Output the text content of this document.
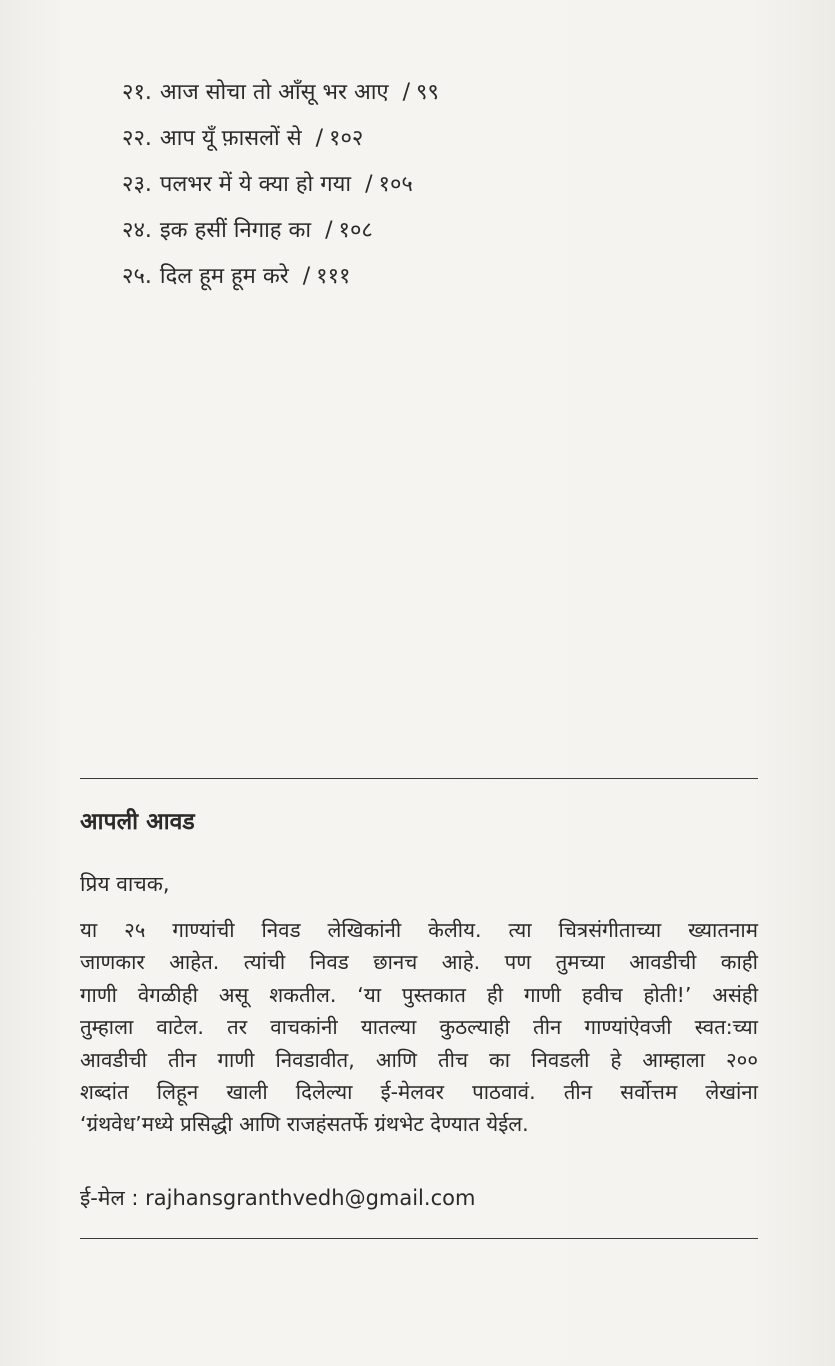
२१. आज सोचा तो आँसू भर आए / ९९
२२. आप यूँ फ़ासलों से / १०२
२३. पलभर में ये क्या हो गया / १०५
२४. इक हसीं निगाह का / १०८
२५. दिल हूम हूम करे / १११
आपली आवड
प्रिय वाचक,
या २५ गाण्यांची निवड लेखिकांनी केलीय. त्या चित्रसंगीताच्या ख्यातनाम
जाणकार आहेत. त्यांची निवड छानच आहे. पण तुमच्या आवडीची काही
गाणी वेगळीही असू शकतील. ‘या पुस्तकात ही गाणी हवीच होती!’ असंही
तुम्हाला वाटेल. तर वाचकांनी यातल्या कुठल्याही तीन गाण्यांऐवजी स्वत:च्या
आवडीची तीन गाणी निवडावीत, आणि तीच का निवडली हे आम्हाला २००
शब्दांत लिहून खाली दिलेल्या ई-मेलवर पाठवावं. तीन सर्वोत्तम लेखांना
‘ग्रंथवेध’मध्ये प्रसिद्धी आणि राजहंसतर्फे ग्रंथभेट देण्यात येईल.
ई-मेल : rajhansgranthvedh@gmail.com
